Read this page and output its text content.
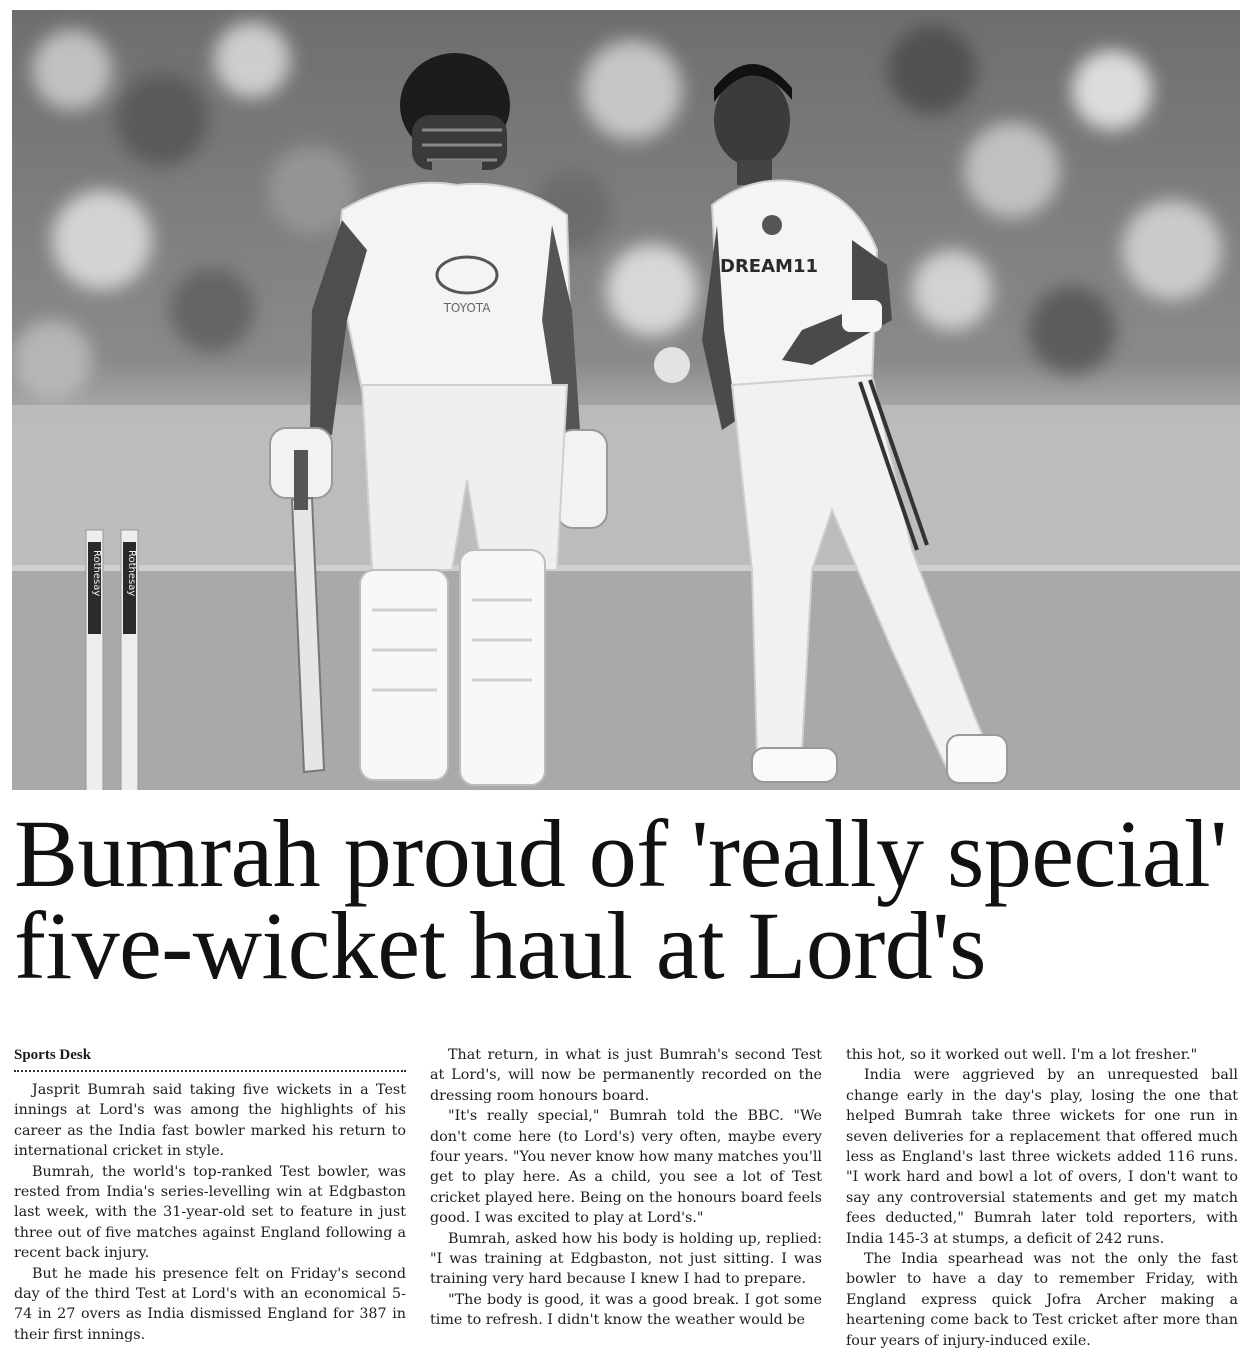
Rothesay Rothesay
TOYOTA
DREAM11
Bumrah proud of 'really special'
five-wicket haul at Lord's
Sports Desk

Jasprit Bumrah said taking five wickets in a Test innings at Lord's was among the highlights of his career as the India fast bowler marked his return to international cricket in style.

Bumrah, the world's top-ranked Test bowler, was rested from India's series-levelling win at Edgbaston last week, with the 31-year-old set to feature in just three out of five matches against England following a recent back injury.

But he made his presence felt on Friday's second day of the third Test at Lord's with an economical 5-74 in 27 overs as India dismissed England for 387 in their first innings.

That return, in what is just Bumrah's second Test at Lord's, will now be permanently recorded on the dressing room honours board.

"It's really special," Bumrah told the BBC. "We don't come here (to Lord's) very often, maybe every four years. "You never know how many matches you'll get to play here. As a child, you see a lot of Test cricket played here. Being on the honours board feels good. I was excited to play at Lord's."

Bumrah, asked how his body is holding up, replied: "I was training at Edgbaston, not just sitting. I was training very hard because I knew I had to prepare.

"The body is good, it was a good break. I got some time to refresh. I didn't know the weather would be

this hot, so it worked out well. I'm a lot fresher."

India were aggrieved by an unrequested ball change early in the day's play, losing the one that helped Bumrah take three wickets for one run in seven deliveries for a replacement that offered much less as England's last three wickets added 116 runs. "I work hard and bowl a lot of overs, I don't want to say any controversial statements and get my match fees deducted," Bumrah later told reporters, with India 145-3 at stumps, a deficit of 242 runs.

The India spearhead was not the only the fast bowler to have a day to remember Friday, with England express quick Jofra Archer making a heartening come back to Test cricket after more than four years of injury-induced exile.
